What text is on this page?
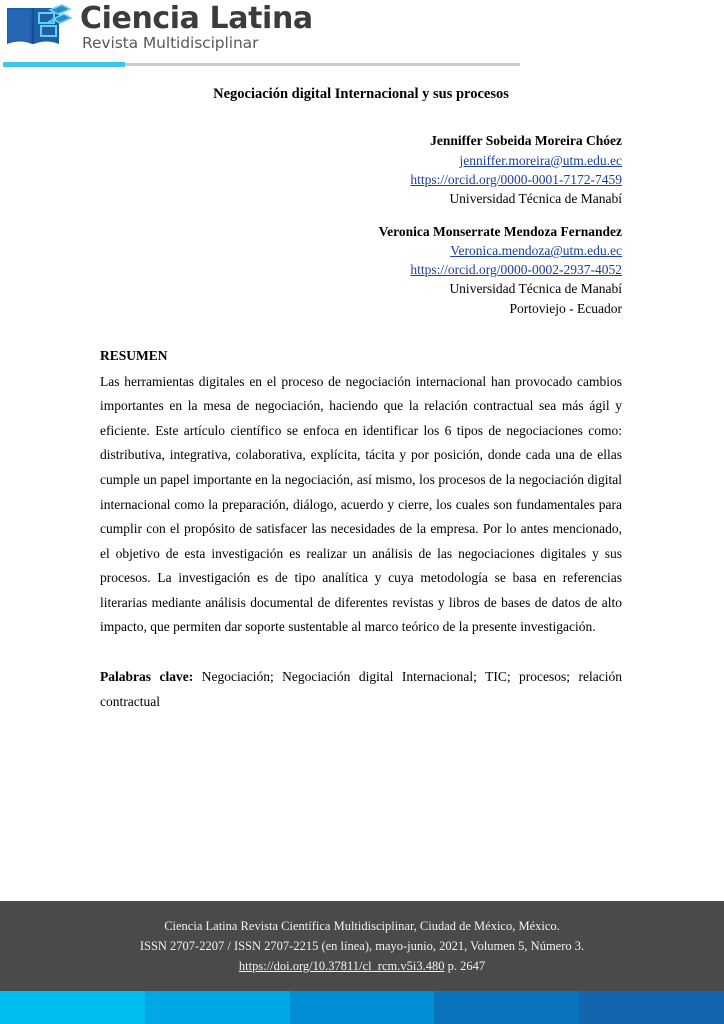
Ciencia Latina
Revista Multidisciplinar
Negociación digital Internacional y sus procesos
Jenniffer Sobeida Moreira Chóez
jenniffer.moreira@utm.edu.ec
https://orcid.org/0000-0001-7172-7459
Universidad Técnica de Manabí
Veronica Monserrate Mendoza Fernandez
Veronica.mendoza@utm.edu.ec
https://orcid.org/0000-0002-2937-4052
Universidad Técnica de Manabí
Portoviejo - Ecuador
RESUMEN

Las herramientas digitales en el proceso de negociación internacional han provocado cambios importantes en la mesa de negociación, haciendo que la relación contractual sea más ágil y eficiente. Este artículo científico se enfoca en identificar los 6 tipos de negociaciones como: distributiva, integrativa, colaborativa, explícita, tácita y por posición, donde cada una de ellas cumple un papel importante en la negociación, así mismo, los procesos de la negociación digital internacional como la preparación, diálogo, acuerdo y cierre, los cuales son fundamentales para cumplir con el propósito de satisfacer las necesidades de la empresa. Por lo antes mencionado, el objetivo de esta investigación es realizar un análisis de las negociaciones digitales y sus procesos. La investigación es de tipo analítica y cuya metodología se basa en referencias literarias mediante análisis documental de diferentes revistas y libros de bases de datos de alto impacto, que permiten dar soporte sustentable al marco teórico de la presente investigación.

Palabras clave: Negociación; Negociación digital Internacional; TIC; procesos; relación contractual

Ciencia Latina Revista Científica Multidisciplinar, Ciudad de México, México.
ISSN 2707-2207 / ISSN 2707-2215 (en línea), mayo-junio, 2021, Volumen 5, Número 3.
https://doi.org/10.37811/cl_rcm.v5i3.480 p. 2647
